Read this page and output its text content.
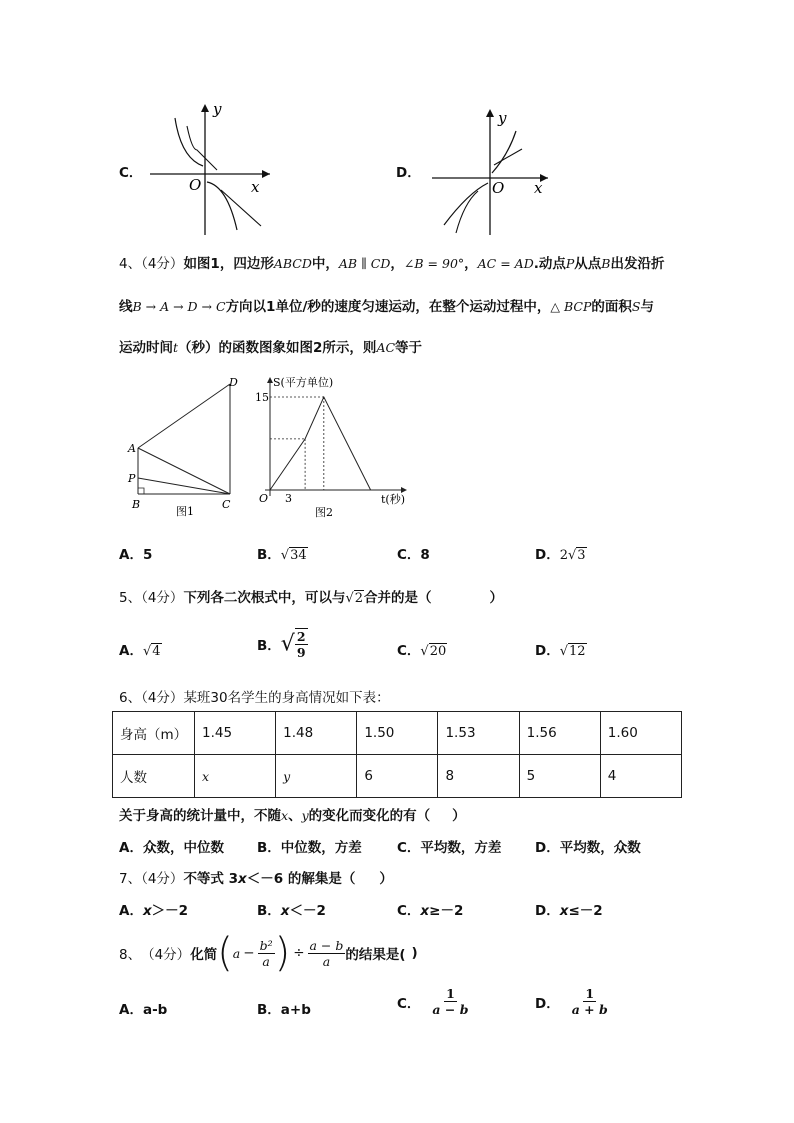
C．
y
x
O
D．
y
x
O
4、（4分）如图1，四边形ABCD中，AB ∥ CD，∠B = 90°，AC = AD.动点P从点B出发沿折
线B → A → D → C方向以1单位/秒的速度匀速运动，在整个运动过程中，△ BCP的面积S与
运动时间t（秒）的函数图象如图2所示，则AC等于
D
A
P
B	C
图1
S(平方单位)
15
3
O	t(秒)
图2
A．5	B．√34	C．8	D．2√3
5、（4分）下列各二次根式中，可以与√2合并的是（	）
A．√4	B．√ $\frac{2}{9}$	C．√20	D．√12
6、（4分）某班30名学生的身高情况如下表：
身高（m）	1.45	1.48	1.50	1.53	1.56	1.60
人数	x	y	6	8	5	4
关于身高的统计量中，不随x、y的变化而变化的有（ ）
A．众数，中位数 B．中位数，方差	C．平均数，方差 D．平均数，众数
7、（4分）不等式 3x＜－6 的解集是（ ）
A．x＞－2	B．x＜－2	C．x≥－2	D．x≤－2
8、 （4分） 化简 ( $a - \frac{\text{b²}}{a}$ ) ÷ $\frac{a - b}{a}$ 的结果是( )
A．a-b	B．a+b	C． $\frac{1}{a - b}$	D． $\frac{1}{a + b}$
